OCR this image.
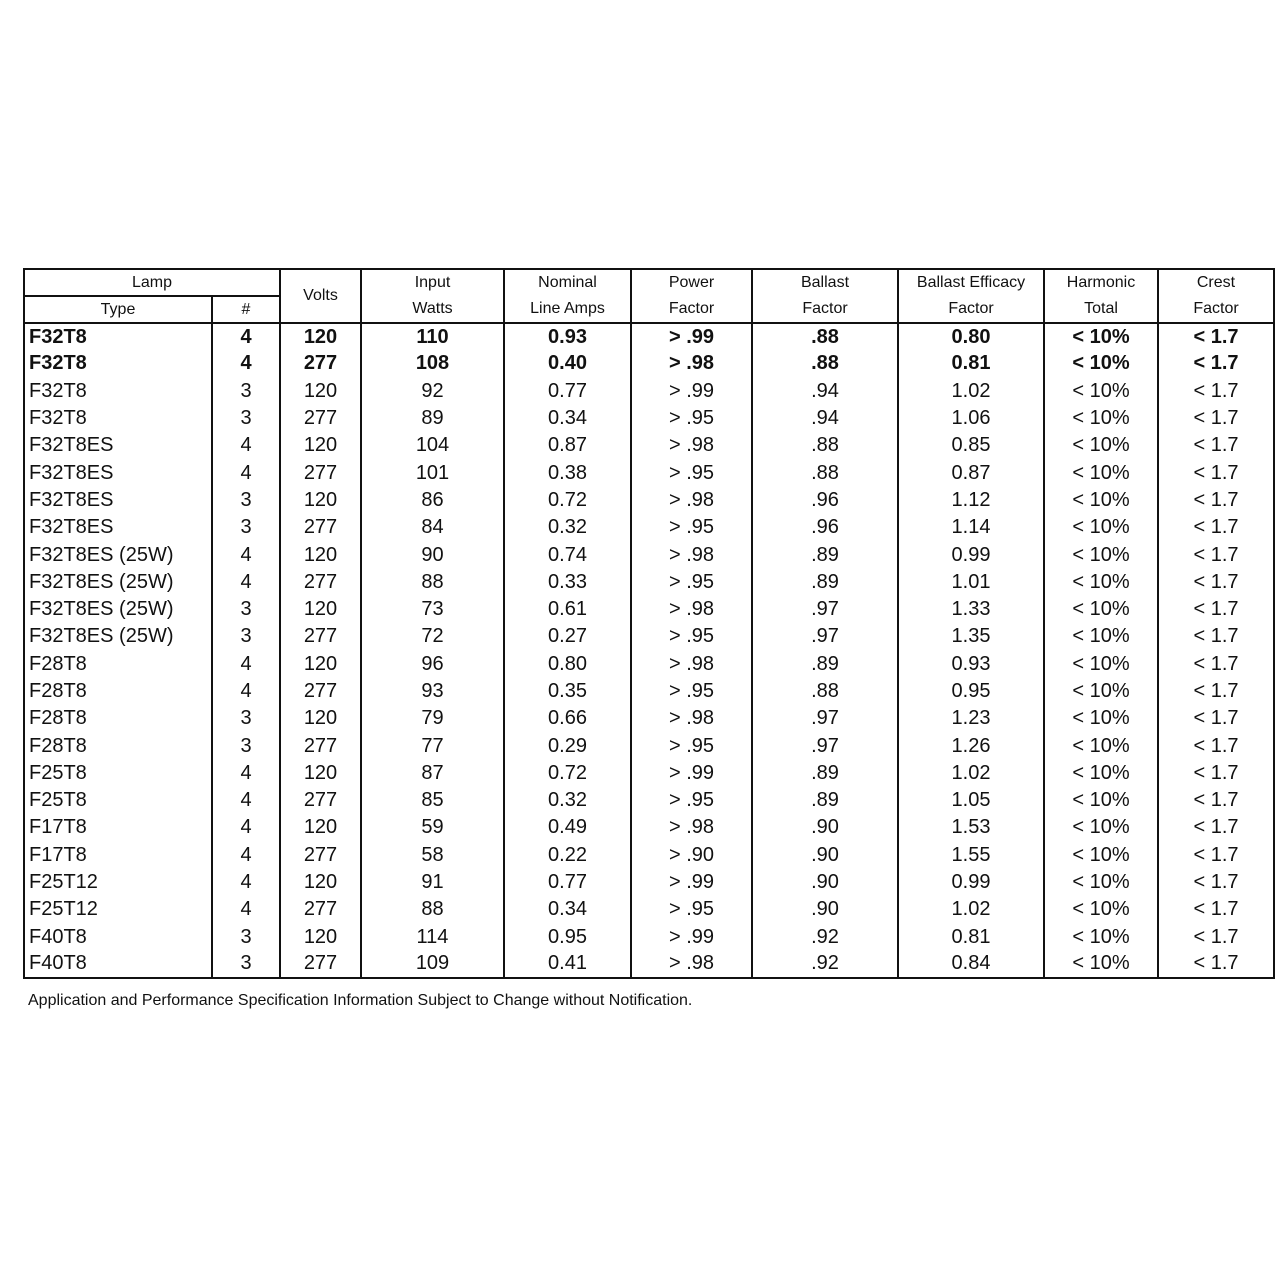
Lamp		Volts	Input	Nominal	Power	Ballast	Ballast Efficacy	Harmonic	Crest
Type	#		Watts	Line Amps	Factor	Factor	Factor	Total	Factor
F32T8	4	120	110	0.93	> .99	.88	0.80	< 10%	< 1.7
F32T8	4	277	108	0.40	> .98	.88	0.81	< 10%	< 1.7
F32T8	3	120	92	0.77	> .99	.94	1.02	< 10%	< 1.7
F32T8	3	277	89	0.34	> .95	.94	1.06	< 10%	< 1.7
F32T8ES	4	120	104	0.87	> .98	.88	0.85	< 10%	< 1.7
F32T8ES	4	277	101	0.38	> .95	.88	0.87	< 10%	< 1.7
F32T8ES	3	120	86	0.72	> .98	.96	1.12	< 10%	< 1.7
F32T8ES	3	277	84	0.32	> .95	.96	1.14	< 10%	< 1.7
F32T8ES (25W)	4	120	90	0.74	> .98	.89	0.99	< 10%	< 1.7
F32T8ES (25W)	4	277	88	0.33	> .95	.89	1.01	< 10%	< 1.7
F32T8ES (25W)	3	120	73	0.61	> .98	.97	1.33	< 10%	< 1.7
F32T8ES (25W)	3	277	72	0.27	> .95	.97	1.35	< 10%	< 1.7
F28T8	4	120	96	0.80	> .98	.89	0.93	< 10%	< 1.7
F28T8	4	277	93	0.35	> .95	.88	0.95	< 10%	< 1.7
F28T8	3	120	79	0.66	> .98	.97	1.23	< 10%	< 1.7
F28T8	3	277	77	0.29	> .95	.97	1.26	< 10%	< 1.7
F25T8	4	120	87	0.72	> .99	.89	1.02	< 10%	< 1.7
F25T8	4	277	85	0.32	> .95	.89	1.05	< 10%	< 1.7
F17T8	4	120	59	0.49	> .98	.90	1.53	< 10%	< 1.7
F17T8	4	277	58	0.22	> .90	.90	1.55	< 10%	< 1.7
F25T12	4	120	91	0.77	> .99	.90	0.99	< 10%	< 1.7
F25T12	4	277	88	0.34	> .95	.90	1.02	< 10%	< 1.7
F40T8	3	120	114	0.95	> .99	.92	0.81	< 10%	< 1.7
F40T8	3	277	109	0.41	> .98	.92	0.84	< 10%	< 1.7
Application and Performance Specification Information Subject to Change without Notification.
